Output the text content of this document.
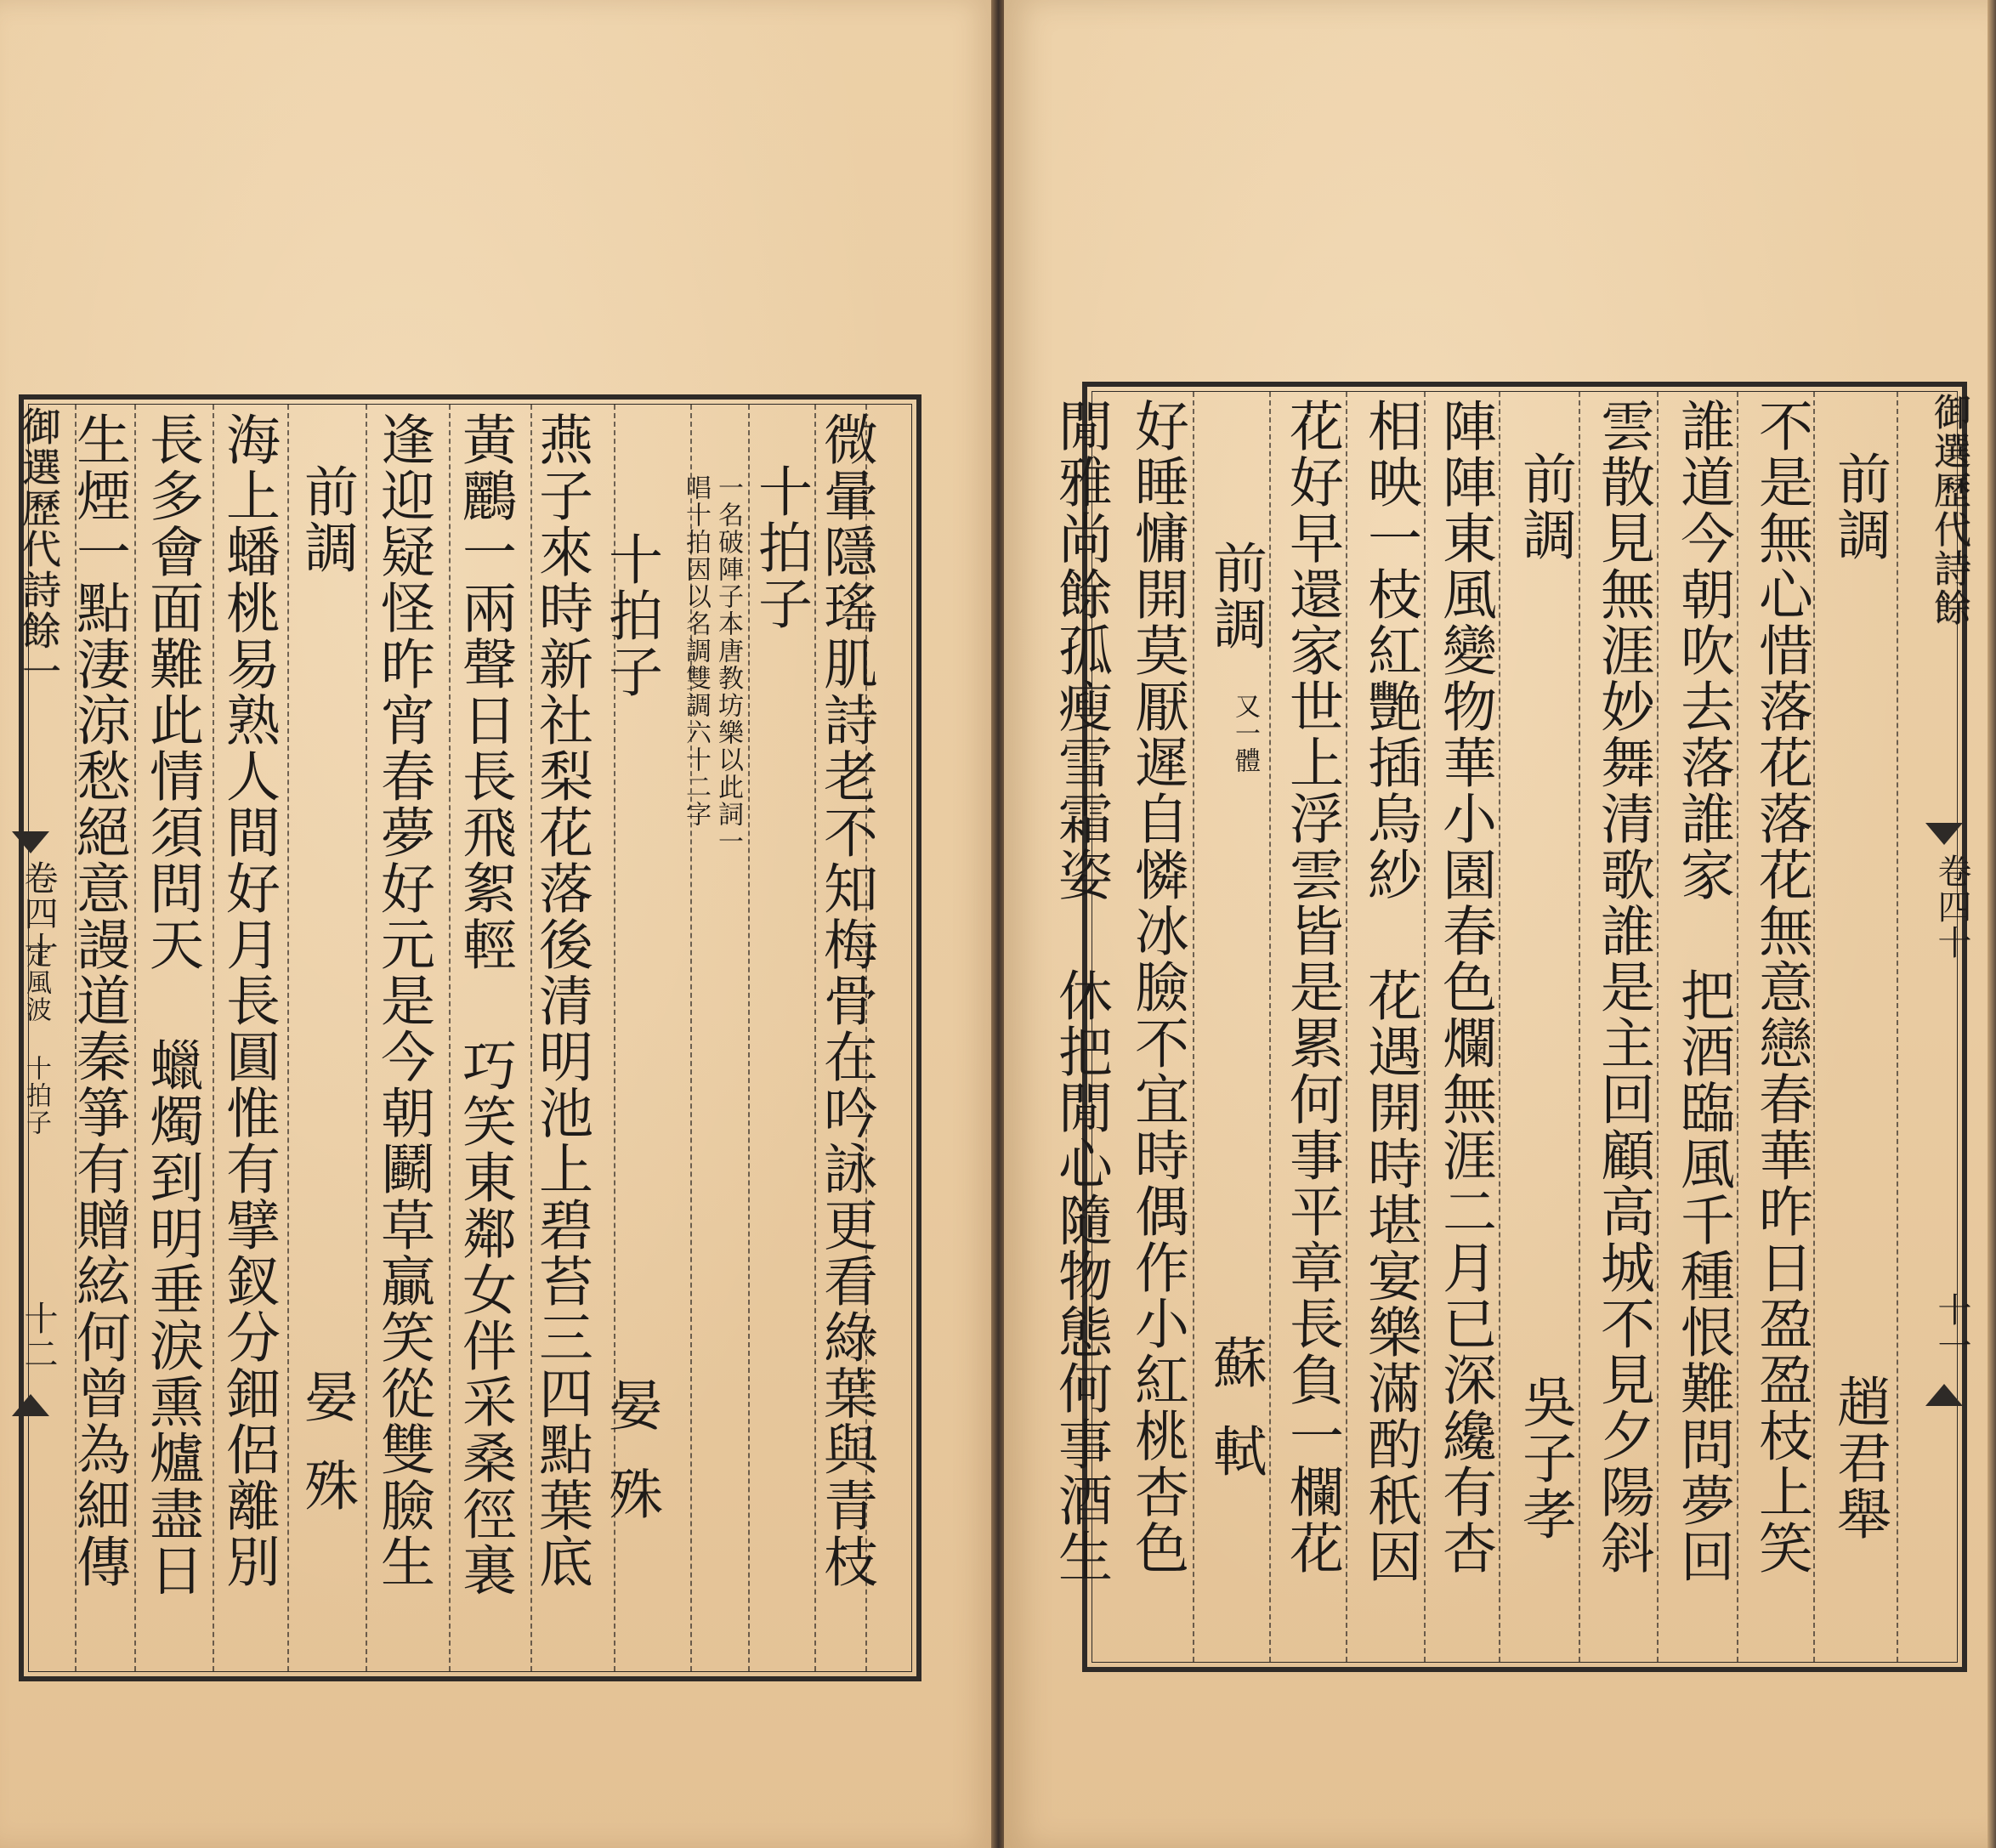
微暈隱瑤肌詩老不知梅骨在吟詠更看綠葉與青枝
十拍子
一名破陣子本唐教坊樂以此詞一
唱十拍因以名調雙調六十二字
十拍子
晏殊
燕子來時新社梨花落後清明池上碧苔三四點葉底
黃鸝一兩聲日長飛絮輕 巧笑東鄰女伴采桑徑裏
逢迎疑怪昨宵春夢好元是今朝鬬草贏笑從雙臉生
前調
晏殊
海上蟠桃易熟人間好月長圓惟有擘釵分鈿侶離別
長多會面難此情須問天 蠟燭到明垂淚熏爐盡日
生煙一點淒涼愁絕意謾道秦箏有贈絃何曾為細傳
御選歷代詩餘一
卷四十
定風波 十拍子
十二
前調
趙君舉
不是無心惜落花落花無意戀春華昨日盈盈枝上笑
誰道今朝吹去落誰家 把酒臨風千種恨難問夢回
雲散見無涯妙舞清歌誰是主回顧高城不見夕陽斜
前調
吳子孝
陣陣東風變物華小園春色爛無涯二月已深纔有杏
相映一枝紅艷插烏紗 花遇開時堪宴樂滿酌秖因
花好早還家世上浮雲皆是累何事平章長負一欄花
前調
又一體
蘇軾
好睡慵開莫厭遲自憐冰臉不宜時偶作小紅桃杏色
閒雅尚餘孤瘦雪霜姿 休把閒心隨物態何事酒生	御選歷代詩餘
卷四十
十一
